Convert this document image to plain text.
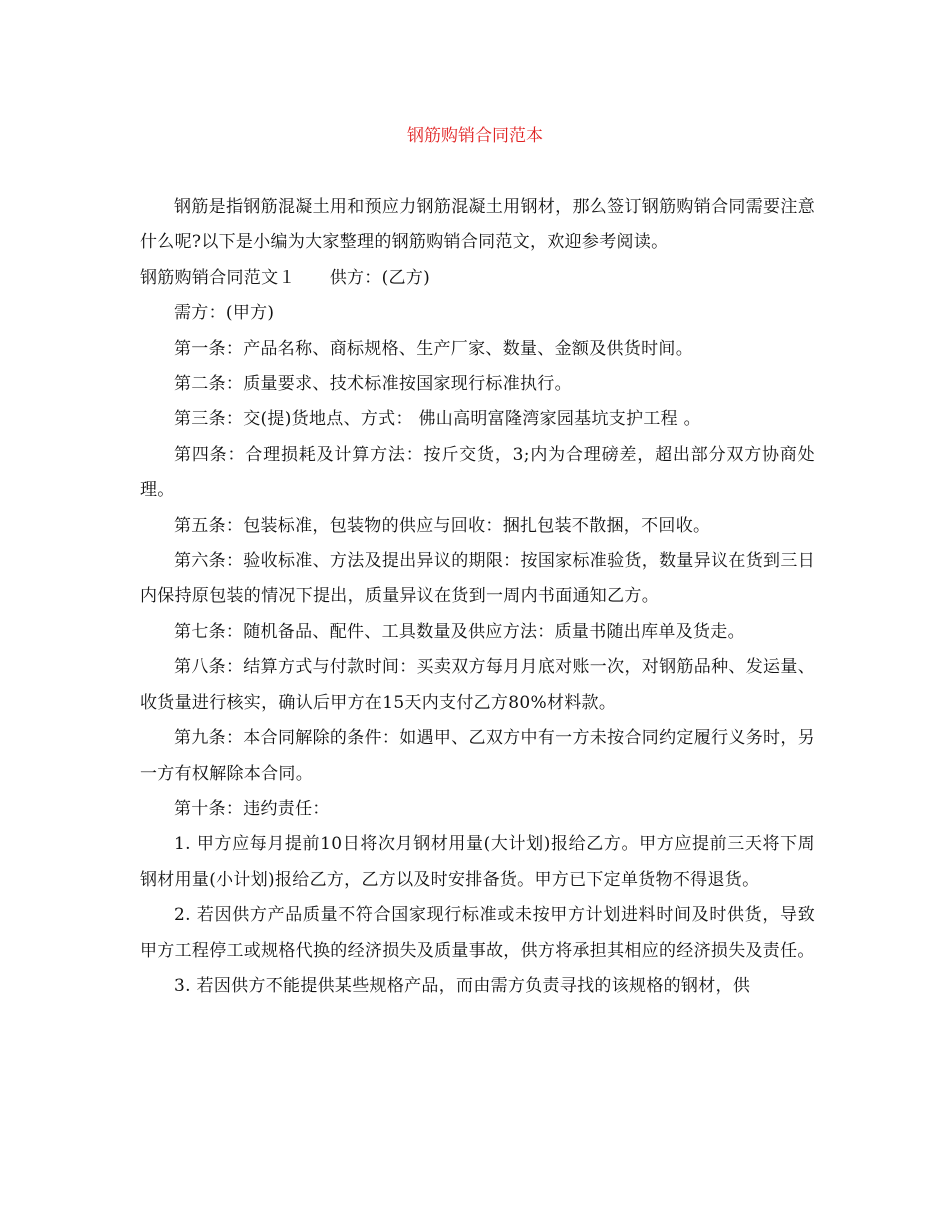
钢筋购销合同范本

钢筋是指钢筋混凝土用和预应力钢筋混凝土用钢材，那么签订钢筋购销合同需要注意什么呢?以下是小编为大家整理的钢筋购销合同范文，欢迎参考阅读。

钢筋购销合同范文１ 供方：(乙方)

需方：(甲方)

第一条：产品名称、商标规格、生产厂家、数量、金额及供货时间。

第二条：质量要求、技术标准按国家现行标准执行。

第三条：交(提)货地点、方式： 佛山高明富隆湾家园基坑支护工程 。

第四条：合理损耗及计算方法：按斤交货，3;内为合理磅差，超出部分双方协商处理。

第五条：包装标准，包装物的供应与回收：捆扎包装不散捆，不回收。

第六条：验收标准、方法及提出异议的期限：按国家标准验货，数量异议在货到三日内保持原包装的情况下提出，质量异议在货到一周内书面通知乙方。

第七条：随机备品、配件、工具数量及供应方法：质量书随出库单及货走。

第八条：结算方式与付款时间：买卖双方每月月底对账一次，对钢筋品种、发运量、收货量进行核实，确认后甲方在15天内支付乙方80%材料款。

第九条：本合同解除的条件：如遇甲、乙双方中有一方未按合同约定履行义务时，另一方有权解除本合同。

第十条：违约责任：

1. 甲方应每月提前10日将次月钢材用量(大计划)报给乙方。甲方应提前三天将下周钢材用量(小计划)报给乙方，乙方以及时安排备货。甲方已下定单货物不得退货。

2. 若因供方产品质量不符合国家现行标准或未按甲方计划进料时间及时供货，导致甲方工程停工或规格代换的经济损失及质量事故，供方将承担其相应的经济损失及责任。

3. 若因供方不能提供某些规格产品，而由需方负责寻找的该规格的钢材，供
